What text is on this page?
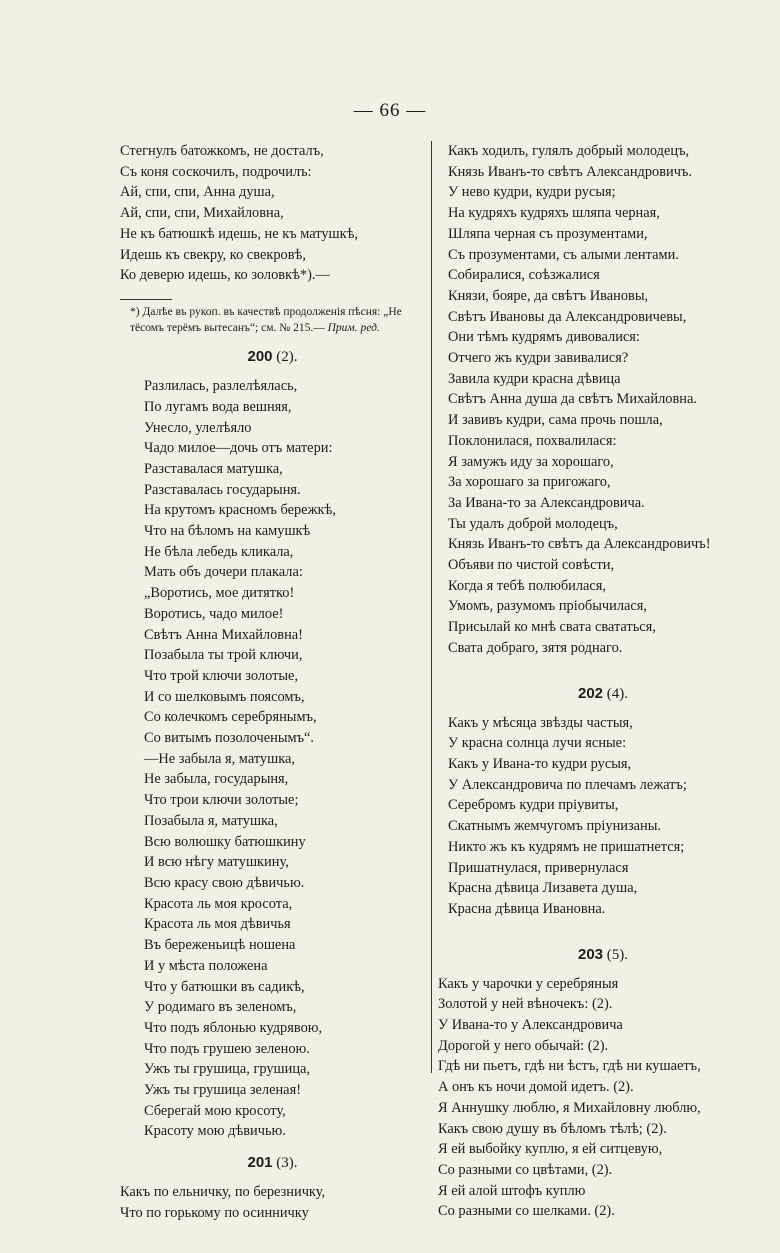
— 66 —
Стегнулъ батожкомъ, не досталъ,
Съ коня соскочилъ, подрочилъ:
Ай, спи, спи, Анна душа,
Ай, спи, спи, Михайловна,
Не къ батюшкѣ идешь, не къ матушкѣ,
Идешь къ свекру, ко свекровѣ,
Ко деверю идешь, ко золовкѣ*).—
*) Далѣе въ рукоп. въ качествѣ продолженія пѣсня: „Не тёсомъ терёмъ вытесанъ“; см. № 215.— Прим. ред.
200 (2).
Разлилась, разлелѣялась,
По лугамъ вода вешняя,
Унесло, улелѣяло
Чадо милое—дочь отъ матери:
Разставалася матушка,
Разставалась государыня.
На крутомъ красномъ бережкѣ,
Что на бѣломъ на камушкѣ
Не бѣла лебедь кликала,
Мать объ дочери плакала:
„Воротись, мое дитятко!
Воротись, чадо милое!
Свѣтъ Анна Михайловна!
Позабыла ты трой ключи,
Что трой ключи золотые,
И со шелковымъ поясомъ,
Со колечкомъ серебрянымъ,
Со витымъ позолоченымъ“.
—Не забыла я, матушка,
Не забыла, государыня,
Что трои ключи золотые;
Позабыла я, матушка,
Всю волюшку батюшкину
И всю нѣгу матушкину,
Всю красу свою дѣвичью.
Красота ль моя кросота,
Красота ль моя дѣвичья
Въ береженьицѣ ношена
И у мѣста положена
Что у батюшки въ садикѣ,
У родимаго въ зеленомъ,
Что подъ яблонью кудрявою,
Что подъ грушею зеленою.
Ужъ ты грушица, грушица,
Ужъ ты грушица зеленая!
Сберегай мою кросоту,
Красоту мою дѣвичью.
201 (3).
Какъ по ельничку, по березничку,
Что по горькому по осинничку
Какъ ходилъ, гулялъ добрый молодецъ,
Князь Иванъ-то свѣтъ Александровичъ.
У нево кудри, кудри русыя;
На кудряхъ кудряхъ шляпа черная,
Шляпа черная съ прозументами,
Съ прозументами, съ алыми лентами.
Собиралися, соѣзжалися
Князи, бояре, да свѣтъ Ивановы,
Свѣтъ Ивановы да Александровичевы,
Они тѣмъ кудрямъ дивовалися:
Отчего жъ кудри завивалися?
Завила кудри красна дѣвица
Свѣтъ Анна душа да свѣтъ Михайловна.
И завивъ кудри, сама прочь пошла,
Поклонилася, похвалилася:
Я замужъ иду за хорошаго,
За хорошаго за пригожаго,
За Ивана-то за Александровича.
Ты удалъ доброй молодецъ,
Князь Иванъ-то свѣтъ да Александровичъ!
Объяви по чистой совѣсти,
Когда я тебѣ полюбилася,
Умомъ, разумомъ пріобычилася,
Присылай ко мнѣ свата свататься,
Свата добраго, зятя роднаго.
202 (4).
Какъ у мѣсяца звѣзды частыя,
У красна солнца лучи ясные:
Какъ у Ивана-то кудри русыя,
У Александровича по плечамъ лежатъ;
Серебромъ кудри пріувиты,
Скатнымъ жемчугомъ пріунизаны.
Никто жъ къ кудрямъ не пришатнется;
Пришатнулася, привернулася
Красна дѣвица Лизавета душа,
Красна дѣвица Ивановна.
203 (5).
Какъ у чарочки у серебряныя
Золотой у ней вѣночекъ: (2).
У Ивана-то у Александровича
Дорогой у него обычай: (2).
Гдѣ ни пьетъ, гдѣ ни ѣстъ, гдѣ ни кушаетъ,
А онъ къ ночи домой идетъ. (2).
Я Аннушку люблю, я Михайловну люблю,
Какъ свою душу въ бѣломъ тѣлѣ; (2).
Я ей выбойку куплю, я ей ситцевую,
Со разными со цвѣтами, (2).
Я ей алой штофъ куплю
Со разными со шелками. (2).
